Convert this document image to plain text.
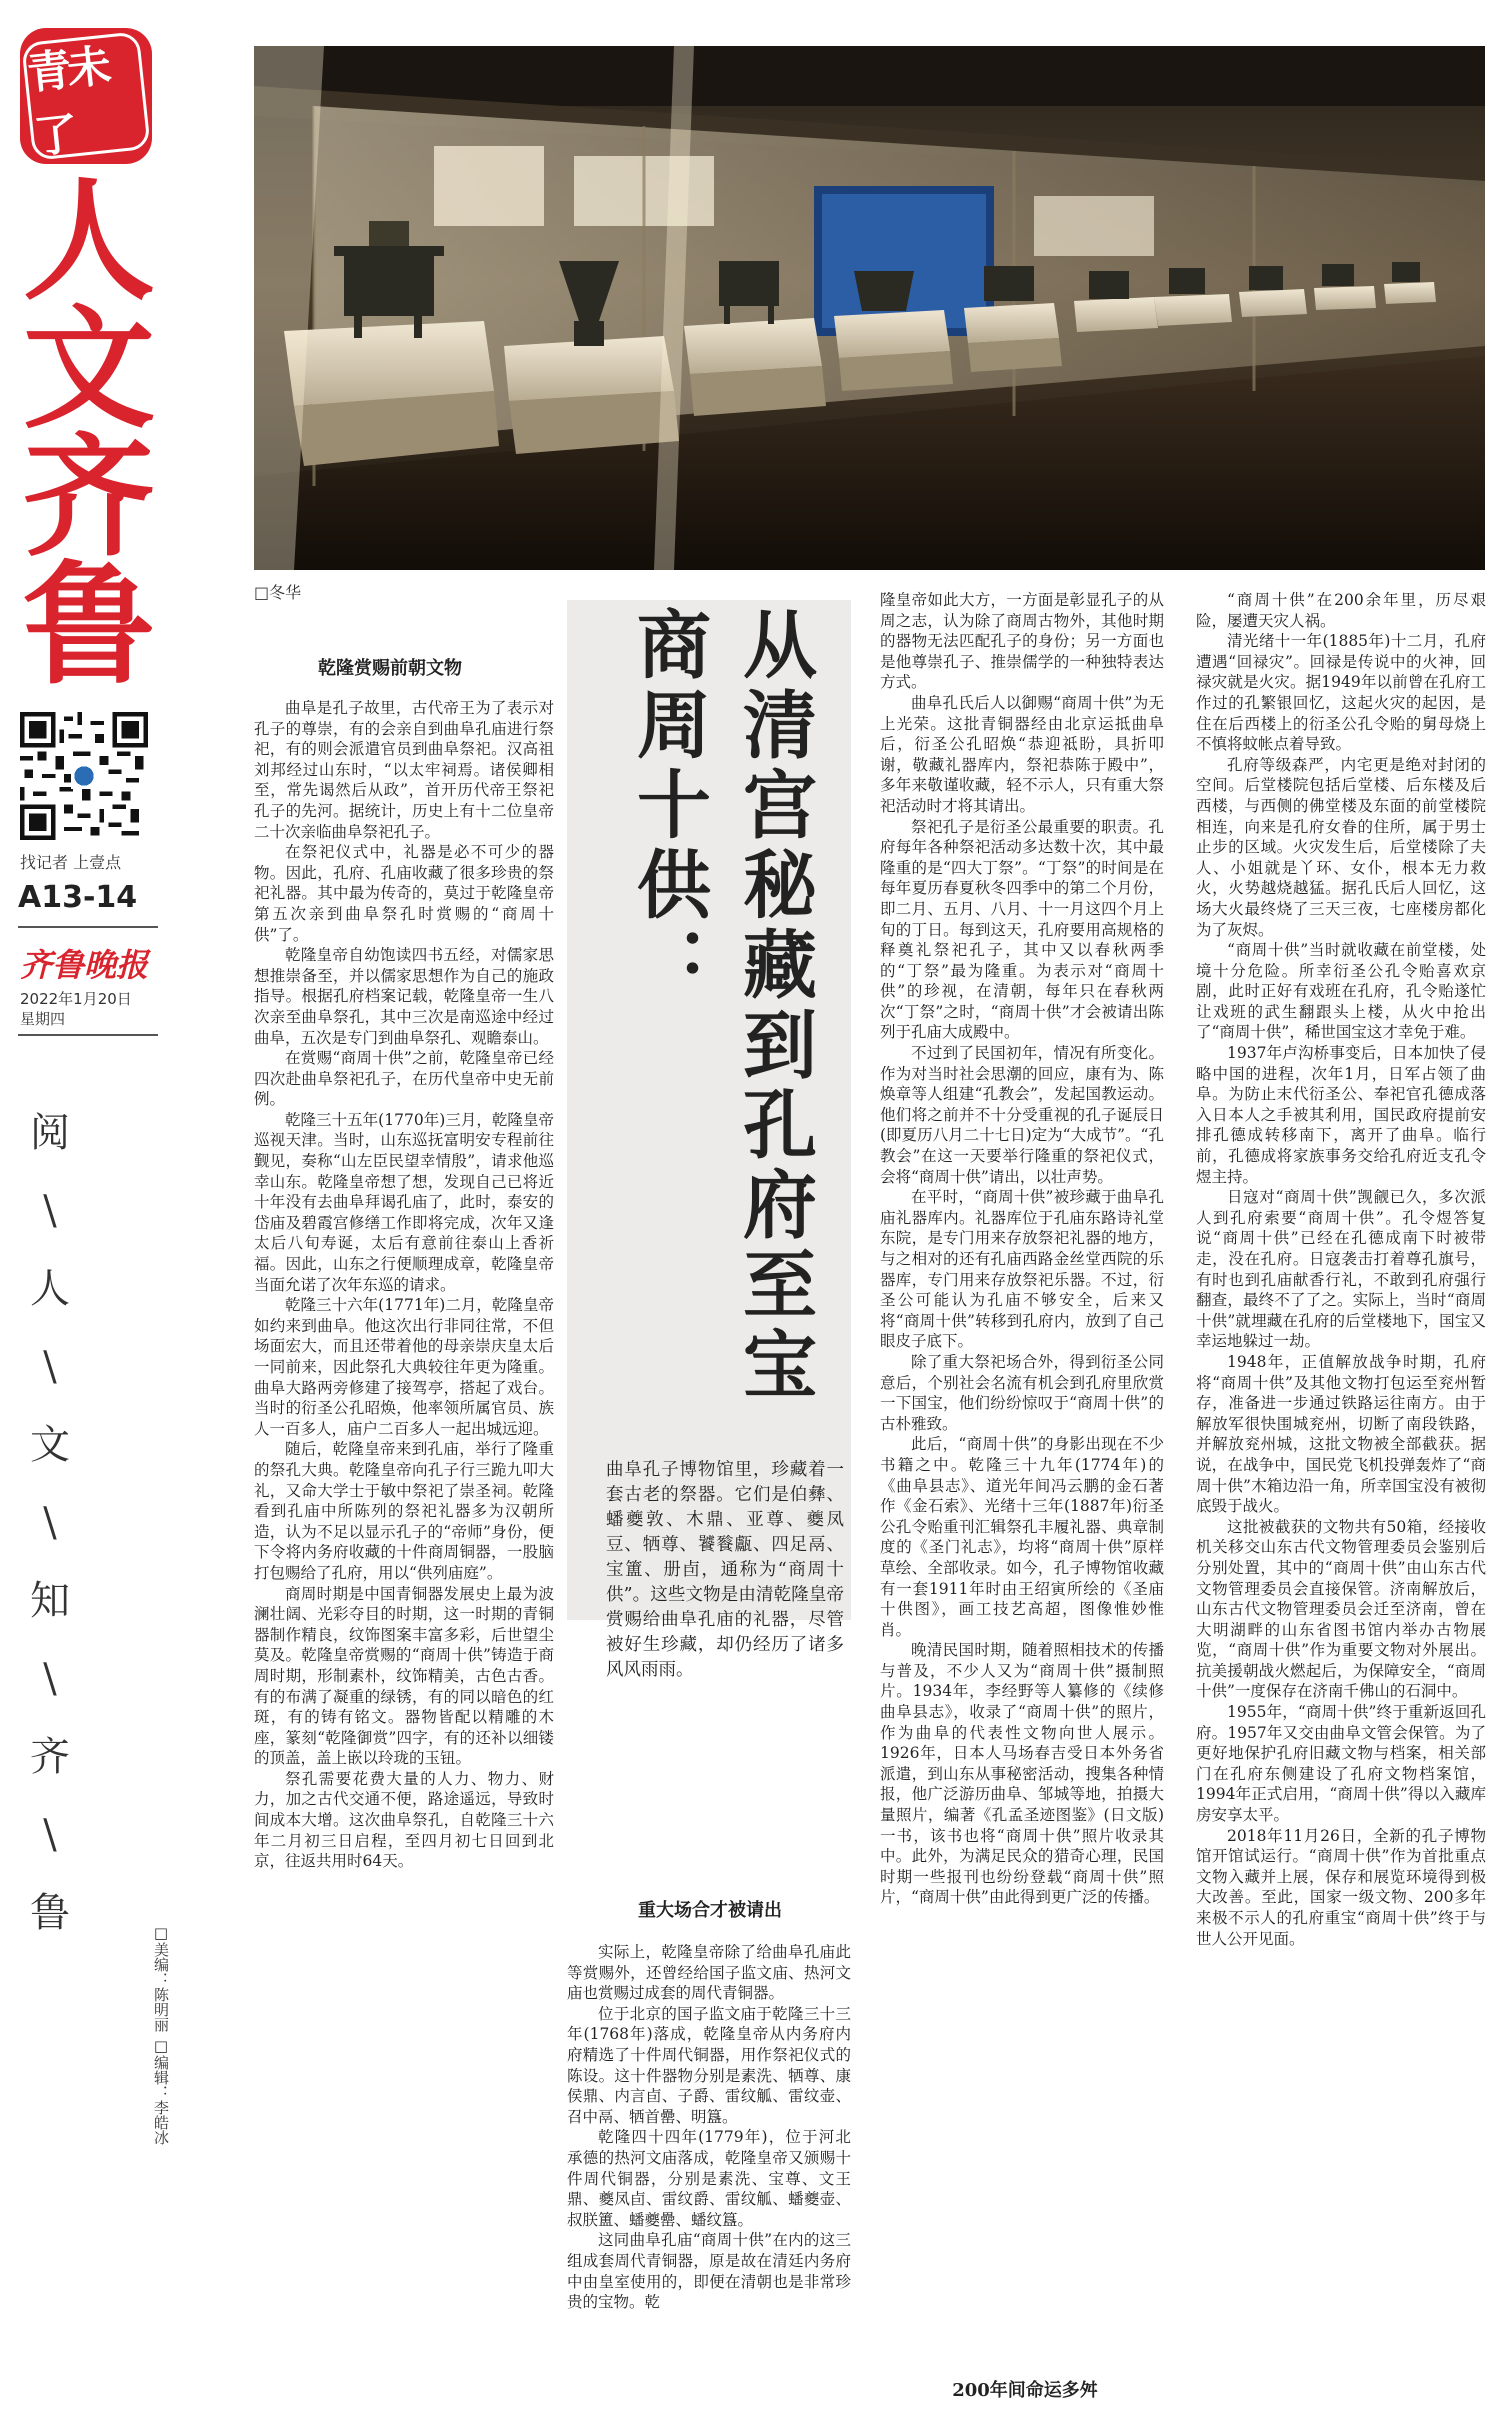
青未了
人
文
齐
鲁
找记者 上壹点
A13-14
齐鲁晚报
2022年1月20日
星期四
阅
\
人
\
文
\
知
\
齐
\
鲁
□美编：陈明丽 □编辑：李皓冰
□冬华
从清宫秘藏到孔府至宝
商周十供：
曲阜孔子博物馆里，珍藏着一套古老的祭器。它们是伯彝、蟠夔敦、木鼎、亚尊、夔凤豆、牺尊、饕餮甗、四足鬲、宝簠、册卣，通称为“商周十供”。这些文物是由清乾隆皇帝赏赐给曲阜孔庙的礼器，尽管被好生珍藏，却仍经历了诸多风风雨雨。
乾隆赏赐前朝文物

曲阜是孔子故里，古代帝王为了表示对孔子的尊崇，有的会亲自到曲阜孔庙进行祭祀，有的则会派遣官员到曲阜祭祀。汉高祖刘邦经过山东时，“以太牢祠焉。诸侯卿相至，常先谒然后从政”，首开历代帝王祭祀孔子的先河。据统计，历史上有十二位皇帝二十次亲临曲阜祭祀孔子。

在祭祀仪式中，礼器是必不可少的器物。因此，孔府、孔庙收藏了很多珍贵的祭祀礼器。其中最为传奇的，莫过于乾隆皇帝第五次亲到曲阜祭孔时赏赐的“商周十供”了。

乾隆皇帝自幼饱读四书五经，对儒家思想推崇备至，并以儒家思想作为自己的施政指导。根据孔府档案记载，乾隆皇帝一生八次亲至曲阜祭孔，其中三次是南巡途中经过曲阜，五次是专门到曲阜祭孔、观瞻泰山。

在赏赐“商周十供”之前，乾隆皇帝已经四次赴曲阜祭祀孔子，在历代皇帝中史无前例。

乾隆三十五年(1770年)三月，乾隆皇帝巡视天津。当时，山东巡抚富明安专程前往觐见，奏称“山左臣民望幸情殷”，请求他巡幸山东。乾隆皇帝想了想，发现自己已将近十年没有去曲阜拜谒孔庙了，此时，泰安的岱庙及碧霞宫修缮工作即将完成，次年又逢太后八旬寿诞，太后有意前往泰山上香祈福。因此，山东之行便顺理成章，乾隆皇帝当面允诺了次年东巡的请求。

乾隆三十六年(1771年)二月，乾隆皇帝如约来到曲阜。他这次出行非同往常，不但场面宏大，而且还带着他的母亲崇庆皇太后一同前来，因此祭孔大典较往年更为隆重。曲阜大路两旁修建了接驾亭，搭起了戏台。当时的衍圣公孔昭焕，他率领所属官员、族人一百多人，庙户二百多人一起出城远迎。

随后，乾隆皇帝来到孔庙，举行了隆重的祭孔大典。乾隆皇帝向孔子行三跪九叩大礼，又命大学士于敏中祭祀了崇圣祠。乾隆看到孔庙中所陈列的祭祀礼器多为汉朝所造，认为不足以显示孔子的“帝师”身份，便下令将内务府收藏的十件商周铜器，一股脑打包赐给了孔府，用以“供列庙庭”。

商周时期是中国青铜器发展史上最为波澜壮阔、光彩夺目的时期，这一时期的青铜器制作精良，纹饰图案丰富多彩，后世望尘莫及。乾隆皇帝赏赐的“商周十供”铸造于商周时期，形制素朴，纹饰精美，古色古香。有的布满了凝重的绿锈，有的同以暗色的红斑，有的铸有铭文。器物皆配以精雕的木座，篆刻“乾隆御赏”四字，有的还补以细镂的顶盖，盖上嵌以玲珑的玉钮。

祭孔需要花费大量的人力、物力、财力，加之古代交通不便，路途遥远，导致时间成本大增。这次曲阜祭孔，自乾隆三十六年二月初三日启程，至四月初七日回到北京，往返共用时64天。

重大场合才被请出

实际上，乾隆皇帝除了给曲阜孔庙此等赏赐外，还曾经给国子监文庙、热河文庙也赏赐过成套的周代青铜器。

位于北京的国子监文庙于乾隆三十三年(1768年)落成，乾隆皇帝从内务府内府精选了十件周代铜器，用作祭祀仪式的陈设。这十件器物分别是素洗、牺尊、康侯鼎、内言卣、子爵、雷纹觚、雷纹壶、召中鬲、牺首罍、明簋。

乾隆四十四年(1779年)，位于河北承德的热河文庙落成，乾隆皇帝又颁赐十件周代铜器，分别是素洗、宝尊、文王鼎、夔凤卣、雷纹爵、雷纹觚、蟠夔壶、叔朕簠、蟠夔罍、蟠纹簋。

这同曲阜孔庙“商周十供”在内的这三组成套周代青铜器，原是故在清廷内务府中由皇室使用的，即便在清朝也是非常珍贵的宝物。乾

隆皇帝如此大方，一方面是彰显孔子的从周之志，认为除了商周古物外，其他时期的器物无法匹配孔子的身份；另一方面也是他尊崇孔子、推崇儒学的一种独特表达方式。

曲阜孔氏后人以御赐“商周十供”为无上光荣。这批青铜器经由北京运抵曲阜后，衍圣公孔昭焕“恭迎祗盼，具折叩谢，敬藏礼器库内，祭祀恭陈于殿中”，多年来敬谨收藏，轻不示人，只有重大祭祀活动时才将其请出。

祭祀孔子是衍圣公最重要的职责。孔府每年各种祭祀活动多达数十次，其中最隆重的是“四大丁祭”。“丁祭”的时间是在每年夏历春夏秋冬四季中的第二个月份，即二月、五月、八月、十一月这四个月上旬的丁日。每到这天，孔府要用高规格的释奠礼祭祀孔子，其中又以春秋两季的“丁祭”最为隆重。为表示对“商周十供”的珍视，在清朝，每年只在春秋两次“丁祭”之时，“商周十供”才会被请出陈列于孔庙大成殿中。

不过到了民国初年，情况有所变化。作为对当时社会思潮的回应，康有为、陈焕章等人组建“孔教会”，发起国教运动。他们将之前并不十分受重视的孔子诞辰日(即夏历八月二十七日)定为“大成节”。“孔教会”在这一天要举行隆重的祭祀仪式，会将“商周十供”请出，以壮声势。

在平时，“商周十供”被珍藏于曲阜孔庙礼器库内。礼器库位于孔庙东路诗礼堂东院，是专门用来存放祭祀礼器的地方，与之相对的还有孔庙西路金丝堂西院的乐器库，专门用来存放祭祀乐器。不过，衍圣公可能认为孔庙不够安全，后来又将“商周十供”转移到孔府内，放到了自己眼皮子底下。

除了重大祭祀场合外，得到衍圣公同意后，个别社会名流有机会到孔府里欣赏一下国宝，他们纷纷惊叹于“商周十供”的古朴雅致。

此后，“商周十供”的身影出现在不少书籍之中。乾隆三十九年(1774年)的《曲阜县志》、道光年间冯云鹏的金石著作《金石索》、光绪十三年(1887年)衍圣公孔令贻重刊汇辑祭孔丰履礼器、典章制度的《圣门礼志》，均将“商周十供”原样草绘、全部收录。如今，孔子博物馆收藏有一套1911年时由王绍寅所绘的《圣庙十供图》，画工技艺高超，图像惟妙惟肖。

晚清民国时期，随着照相技术的传播与普及，不少人又为“商周十供”摄制照片。1934年，李经野等人纂修的《续修曲阜县志》，收录了“商周十供”的照片，作为曲阜的代表性文物向世人展示。1926年，日本人马场春吉受日本外务省派遣，到山东从事秘密活动，搜集各种情报，他广泛游历曲阜、邹城等地，拍摄大量照片，编著《孔孟圣迹图鉴》(日文版)一书，该书也将“商周十供”照片收录其中。此外，为满足民众的猎奇心理，民国时期一些报刊也纷纷登载“商周十供”照片，“商周十供”由此得到更广泛的传播。

200年间命运多舛

“商周十供”在200余年里，历尽艰险，屡遭天灾人祸。

清光绪十一年(1885年)十二月，孔府遭遇“回禄灾”。回禄是传说中的火神，回禄灾就是火灾。据1949年以前曾在孔府工作过的孔繁银回忆，这起火灾的起因，是住在后西楼上的衍圣公孔令贻的舅母烧上不慎将蚊帐点着导致。

孔府等级森严，内宅更是绝对封闭的空间。后堂楼院包括后堂楼、后东楼及后西楼，与西侧的佛堂楼及东面的前堂楼院相连，向来是孔府女眷的住所，属于男士止步的区域。火灾发生后，后堂楼除了夫人、小姐就是丫环、女仆，根本无力救火，火势越烧越猛。据孔氏后人回忆，这场大火最终烧了三天三夜，七座楼房都化为了灰烬。

“商周十供”当时就收藏在前堂楼，处境十分危险。所幸衍圣公孔令贻喜欢京剧，此时正好有戏班在孔府，孔令贻遂忙让戏班的武生翻跟头上楼，从火中抢出了“商周十供”，稀世国宝这才幸免于难。

1937年卢沟桥事变后，日本加快了侵略中国的进程，次年1月，日军占领了曲阜。为防止末代衍圣公、奉祀官孔德成落入日本人之手被其利用，国民政府提前安排孔德成转移南下，离开了曲阜。临行前，孔德成将家族事务交给孔府近支孔令煜主持。

日寇对“商周十供”觊觎已久，多次派人到孔府索要“商周十供”。孔令煜答复说“商周十供”已经在孔德成南下时被带走，没在孔府。日寇袭击打着尊孔旗号，有时也到孔庙献香行礼，不敢到孔府强行翻查，最终不了了之。实际上，当时“商周十供”就埋藏在孔府的后堂楼地下，国宝又幸运地躲过一劫。

1948年，正值解放战争时期，孔府将“商周十供”及其他文物打包运至兖州暂存，准备进一步通过铁路运往南方。由于解放军很快围城兖州，切断了南段铁路，并解放兖州城，这批文物被全部截获。据说，在战争中，国民党飞机投弹轰炸了“商周十供”木箱边沿一角，所幸国宝没有被彻底毁于战火。

这批被截获的文物共有50箱，经接收机关移交山东古代文物管理委员会鉴别后分别处置，其中的“商周十供”由山东古代文物管理委员会直接保管。济南解放后，山东古代文物管理委员会迁至济南，曾在大明湖畔的山东省图书馆内举办古物展览，“商周十供”作为重要文物对外展出。抗美援朝战火燃起后，为保障安全，“商周十供”一度保存在济南千佛山的石洞中。

1955年，“商周十供”终于重新返回孔府。1957年又交由曲阜文管会保管。为了更好地保护孔府旧藏文物与档案，相关部门在孔府东侧建设了孔府文物档案馆，1994年正式启用，“商周十供”得以入藏库房安享太平。

2018年11月26日，全新的孔子博物馆开馆试运行。“商周十供”作为首批重点文物入藏并上展，保存和展览环境得到极大改善。至此，国家一级文物、200多年来极不示人的孔府重宝“商周十供”终于与世人公开见面。
